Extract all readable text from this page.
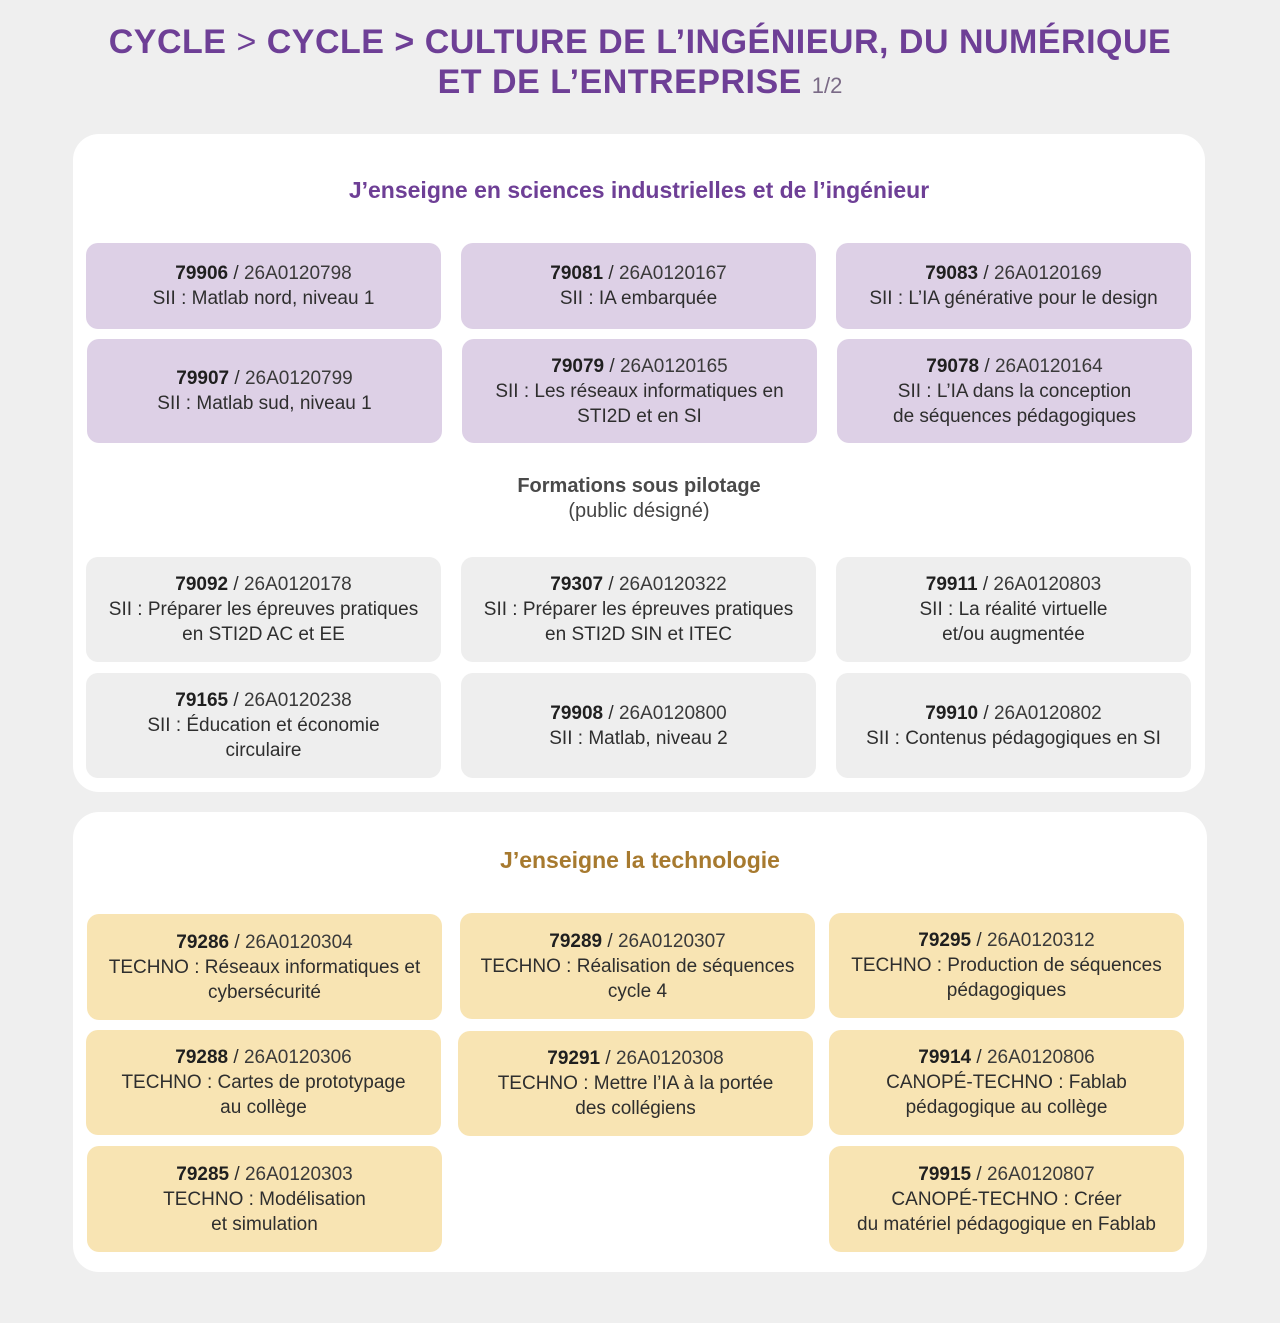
CYCLE > CYCLE > CULTURE DE L’INGÉNIEUR, DU NUMÉRIQUE
ET DE L’ENTREPRISE 1/2
J’enseigne en sciences industrielles et de l’ingénieur
79906 / 26A0120798
SII : Matlab nord, niveau 1
79081 / 26A0120167
SII : IA embarquée
79083 / 26A0120169
SII : L’IA générative pour le design
79907 / 26A0120799
SII : Matlab sud, niveau 1
79079 / 26A0120165
SII : Les réseaux informatiques en
STI2D et en SI
79078 / 26A0120164
SII : L’IA dans la conception
de séquences pédagogiques
Formations sous pilotage
(public désigné)
79092 / 26A0120178
SII : Préparer les épreuves pratiques
en STI2D AC et EE
79307 / 26A0120322
SII : Préparer les épreuves pratiques
en STI2D SIN et ITEC
79911 / 26A0120803
SII : La réalité virtuelle
et/ou augmentée
79165 / 26A0120238
SII : Éducation et économie
circulaire
79908 / 26A0120800
SII : Matlab, niveau 2
79910 / 26A0120802
SII : Contenus pédagogiques en SI
J’enseigne la technologie
79286 / 26A0120304
TECHNO : Réseaux informatiques et
cybersécurité
79289 / 26A0120307
TECHNO : Réalisation de séquences
cycle 4
79295 / 26A0120312
TECHNO : Production de séquences
pédagogiques
79288 / 26A0120306
TECHNO : Cartes de prototypage
au collège
79291 / 26A0120308
TECHNO : Mettre l’IA à la portée
des collégiens
79914 / 26A0120806
CANOPÉ-TECHNO : Fablab
pédagogique au collège
79285 / 26A0120303
TECHNO : Modélisation
et simulation
79915 / 26A0120807
CANOPÉ-TECHNO : Créer
du matériel pédagogique en Fablab
